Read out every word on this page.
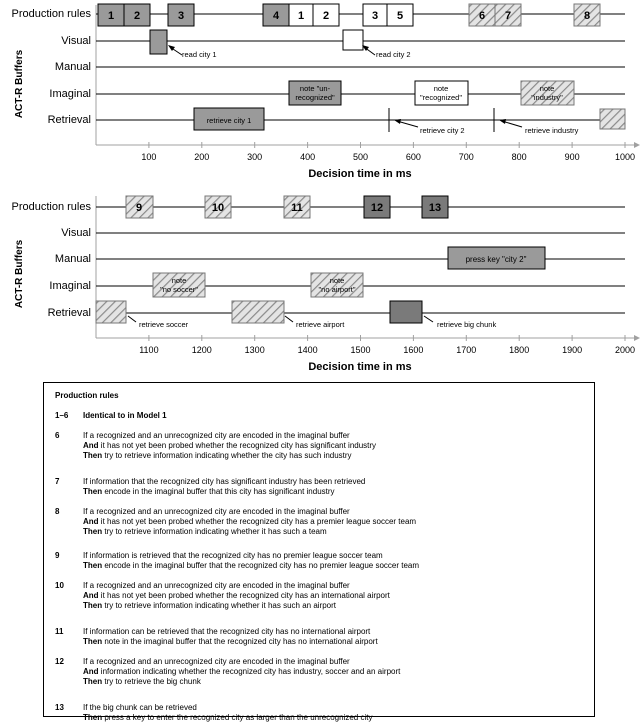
Production rules
Visual
Manual
Imaginal
Retrieval
ACT-R Buffers
100	200	300	400	500	600	700	800	900	1000
Decision time in ms
1 2	3	4 1 2	3 5	6 7	8
read city 1	read city 2
note "un-
recognized"
note
"recognized"
note
"industry"
retrieve city 1
retrieve city 2	retrieve industry
Production rules
Visual
Manual
Imaginal
Retrieval
ACT-R Buffers
1100	1200	1300	1400	1500	1600	1700	1800	1900	2000
Decision time in ms
9	10	11	12	13
press key "city 2"
note
"no soccer"
note
"no airport"
retrieve soccer	retrieve airport	retrieve big chunk
Production rules
1–6	Identical to in Model 1
6	If a recognized and an unrecognized city are encoded in the imaginal buffer
And it has not yet been probed whether the recognized city has significant industry
Then try to retrieve information indicating whether the city has such industry
7	If information that the recognized city has significant industry has been retrieved
Then encode in the imaginal buffer that this city has significant industry
8	If a recognized and an unrecognized city are encoded in the imaginal buffer
And it has not yet been probed whether the recognized city has a premier league soccer team
Then try to retrieve information indicating whether it has such a team
9	If information is retrieved that the recognized city has no premier league soccer team
Then encode in the imaginal buffer that the recognized city has no premier league soccer team
10	If a recognized and an unrecognized city are encoded in the imaginal buffer
And it has not yet been probed whether the recognized city has an international airport
Then try to retrieve information indicating whether it has such an airport
11	If information can be retrieved that the recognized city has no international airport
Then note in the imaginal buffer that the recognized city has no international airport
12	If a recognized and an unrecognized city are encoded in the imaginal buffer
And information indicating whether the recognized city has industry, soccer and an airport
Then try to retrieve the big chunk
13	If the big chunk can be retrieved
Then press a key to enter the recognized city as larger than the unrecognized city
